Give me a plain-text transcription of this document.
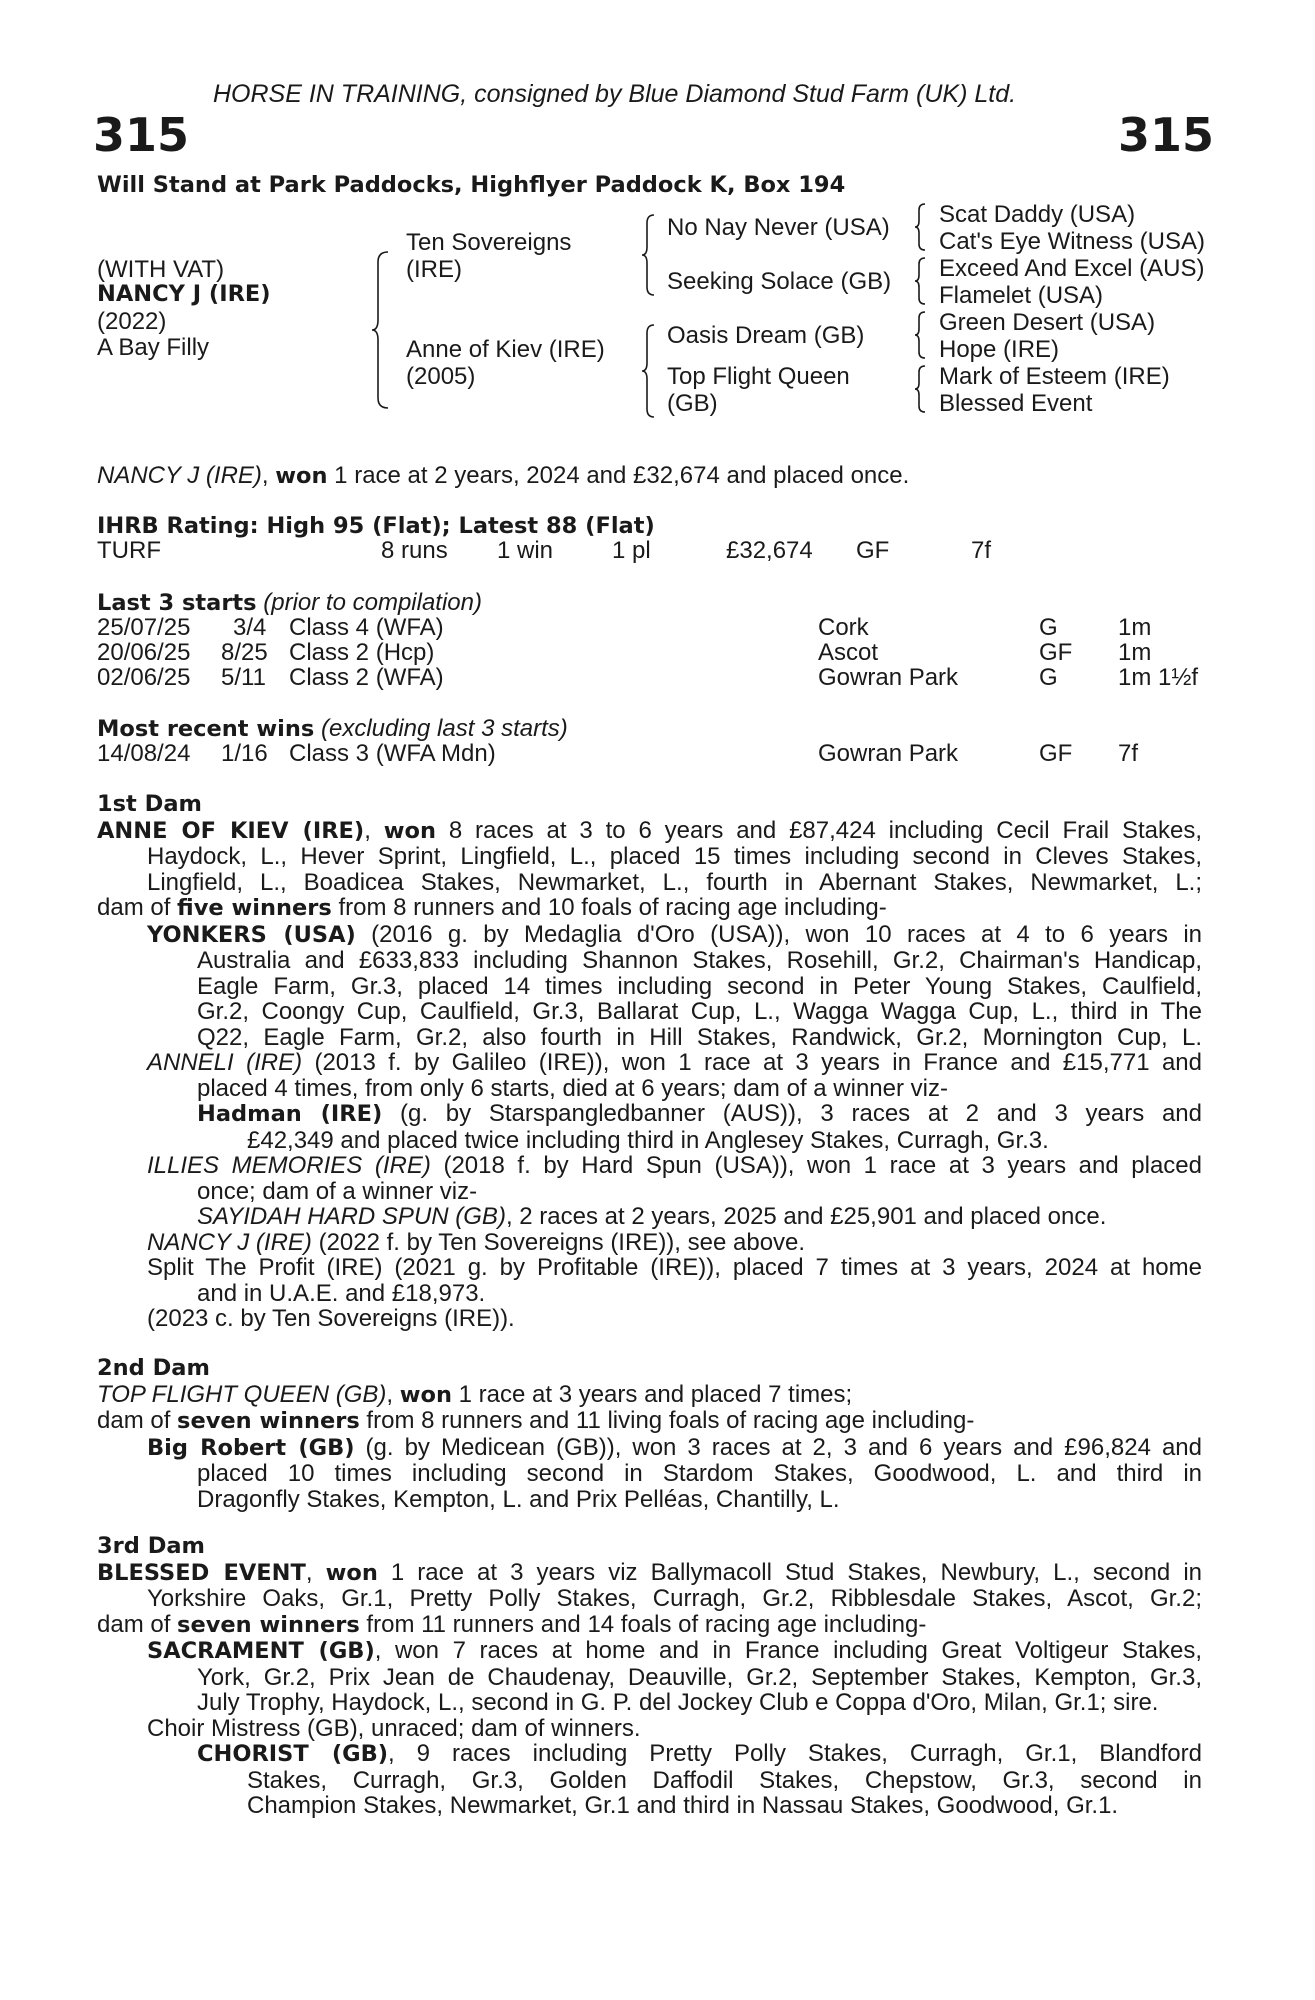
HORSE IN TRAINING, consigned by Blue Diamond Stud Farm (UK) Ltd.
315	315
Will Stand at Park Paddocks, Highflyer Paddock K, Box 194
(WITH VAT)
NANCY J (IRE)
(2022)
A Bay Filly
Ten Sovereigns
(IRE)
Anne of Kiev (IRE)
(2005)
No Nay Never (USA)
Seeking Solace (GB)
Oasis Dream (GB)
Top Flight Queen
(GB)
Scat Daddy (USA)
Cat's Eye Witness (USA)
Exceed And Excel (AUS)
Flamelet (USA)
Green Desert (USA)
Hope (IRE)
Mark of Esteem (IRE)
Blessed Event
NANCY J (IRE), won 1 race at 2 years, 2024 and £32,674 and placed once.
IHRB Rating: High 95 (Flat); Latest 88 (Flat)
TURF	8 runs 1 win 1 pl	£32,674 GF	7f
Last 3 starts (prior to compilation)
25/07/25 3/4 Class 4 (WFA)	Cork	G	1m
20/06/25 8/25 Class 2 (Hcp)	Ascot	GF 1m
02/06/25 5/11 Class 2 (WFA)	Gowran Park	G	1m 1½f
Most recent wins (excluding last 3 starts)
14/08/24 1/16 Class 3 (WFA Mdn)	Gowran Park	GF 7f
1st Dam
ANNE OF KIEV (IRE), won 8 races at 3 to 6 years and £87,424 including Cecil Frail Stakes,
Haydock, L., Hever Sprint, Lingfield, L., placed 15 times including second in Cleves Stakes,
Lingfield, L., Boadicea Stakes, Newmarket, L., fourth in Abernant Stakes, Newmarket, L.;
dam of five winners from 8 runners and 10 foals of racing age including-
YONKERS (USA) (2016 g. by Medaglia d'Oro (USA)), won 10 races at 4 to 6 years in
Australia and £633,833 including Shannon Stakes, Rosehill, Gr.2, Chairman's Handicap,
Eagle Farm, Gr.3, placed 14 times including second in Peter Young Stakes, Caulfield,
Gr.2, Coongy Cup, Caulfield, Gr.3, Ballarat Cup, L., Wagga Wagga Cup, L., third in The
Q22, Eagle Farm, Gr.2, also fourth in Hill Stakes, Randwick, Gr.2, Mornington Cup, L.
ANNELI (IRE) (2013 f. by Galileo (IRE)), won 1 race at 3 years in France and £15,771 and
placed 4 times, from only 6 starts, died at 6 years; dam of a winner viz-
Hadman (IRE) (g. by Starspangledbanner (AUS)), 3 races at 2 and 3 years and
£42,349 and placed twice including third in Anglesey Stakes, Curragh, Gr.3.
ILLIES MEMORIES (IRE) (2018 f. by Hard Spun (USA)), won 1 race at 3 years and placed
once; dam of a winner viz-
SAYIDAH HARD SPUN (GB), 2 races at 2 years, 2025 and £25,901 and placed once.
NANCY J (IRE) (2022 f. by Ten Sovereigns (IRE)), see above.
Split The Profit (IRE) (2021 g. by Profitable (IRE)), placed 7 times at 3 years, 2024 at home
and in U.A.E. and £18,973.
(2023 c. by Ten Sovereigns (IRE)).
2nd Dam
TOP FLIGHT QUEEN (GB), won 1 race at 3 years and placed 7 times;
dam of seven winners from 8 runners and 11 living foals of racing age including-
Big Robert (GB) (g. by Medicean (GB)), won 3 races at 2, 3 and 6 years and £96,824 and
placed 10 times including second in Stardom Stakes, Goodwood, L. and third in
Dragonfly Stakes, Kempton, L. and Prix Pelléas, Chantilly, L.
3rd Dam
BLESSED EVENT, won 1 race at 3 years viz Ballymacoll Stud Stakes, Newbury, L., second in
Yorkshire Oaks, Gr.1, Pretty Polly Stakes, Curragh, Gr.2, Ribblesdale Stakes, Ascot, Gr.2;
dam of seven winners from 11 runners and 14 foals of racing age including-
SACRAMENT (GB), won 7 races at home and in France including Great Voltigeur Stakes,
York, Gr.2, Prix Jean de Chaudenay, Deauville, Gr.2, September Stakes, Kempton, Gr.3,
July Trophy, Haydock, L., second in G. P. del Jockey Club e Coppa d'Oro, Milan, Gr.1; sire.
Choir Mistress (GB), unraced; dam of winners.
CHORIST (GB), 9 races including Pretty Polly Stakes, Curragh, Gr.1, Blandford
Stakes, Curragh, Gr.3, Golden Daffodil Stakes, Chepstow, Gr.3, second in
Champion Stakes, Newmarket, Gr.1 and third in Nassau Stakes, Goodwood, Gr.1.
